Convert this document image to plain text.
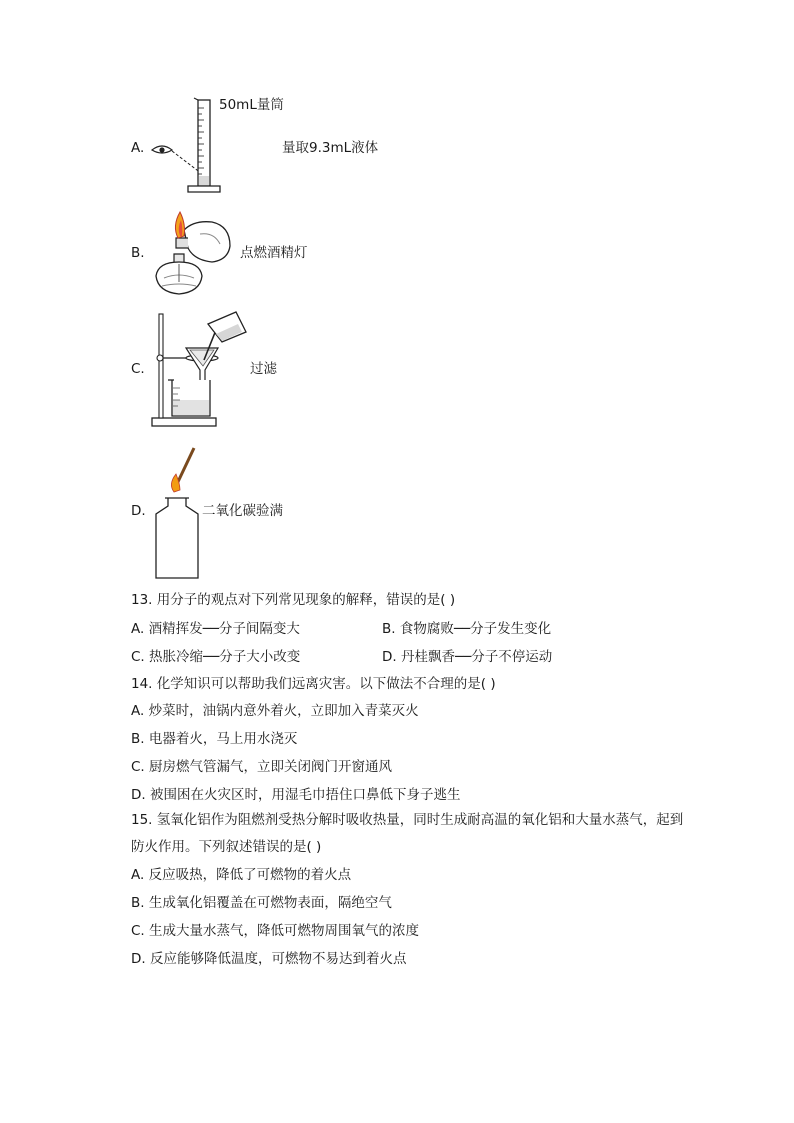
A.
50mL量筒
量取9.3mL液体
B.	点燃酒精灯
C.	过滤
D.	二氧化碳验满
13. 用分子的观点对下列常见现象的解释，错误的是( )
A. 酒精挥发──分子间隔变大	B. 食物腐败──分子发生变化
C. 热胀冷缩──分子大小改变	D. 丹桂飘香──分子不停运动
14. 化学知识可以帮助我们远离灾害。以下做法不合理的是( )
A. 炒菜时，油锅内意外着火，立即加入青菜灭火
B. 电器着火，马上用水浇灭
C. 厨房燃气管漏气，立即关闭阀门开窗通风
D. 被围困在火灾区时，用湿毛巾捂住口鼻低下身子逃生
15. 氢氧化铝作为阻燃剂受热分解时吸收热量，同时生成耐高温的氧化铝和大量水蒸气，起到
防火作用。下列叙述错误的是( )
A. 反应吸热，降低了可燃物的着火点
B. 生成氧化铝覆盖在可燃物表面，隔绝空气
C. 生成大量水蒸气，降低可燃物周围氧气的浓度
D. 反应能够降低温度，可燃物不易达到着火点
